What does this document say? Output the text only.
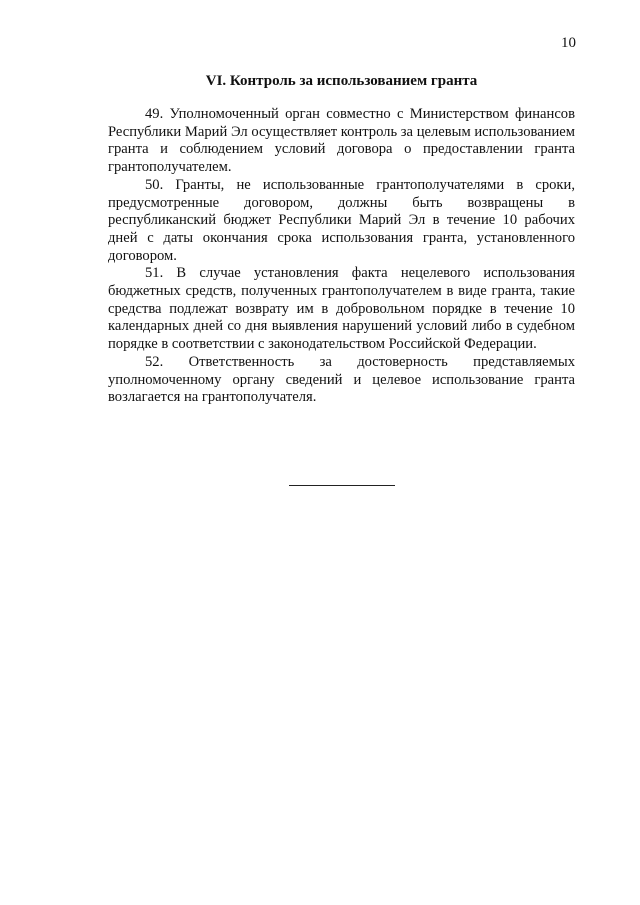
10
VI. Контроль за использованием гранта

49. Уполномоченный орган совместно с Министерством финансов Республики Марий Эл осуществляет контроль за целевым использованием гранта и соблюдением условий договора о предоставлении гранта грантополучателем.

50. Гранты, не использованные грантополучателями в сроки, предусмотренные договором, должны быть возвращены в республиканский бюджет Республики Марий Эл в течение 10 рабочих дней с даты окончания срока использования гранта, установленного договором.

51. В случае установления факта нецелевого использования бюджетных средств, полученных грантополучателем в виде гранта, такие средства подлежат возврату им в добровольном порядке в течение 10 календарных дней со дня выявления нарушений условий либо в судебном порядке в соответствии с законодательством Российской Федерации.

52. Ответственность за достоверность представляемых уполномоченному органу сведений и целевое использование гранта возлагается на грантополучателя.
